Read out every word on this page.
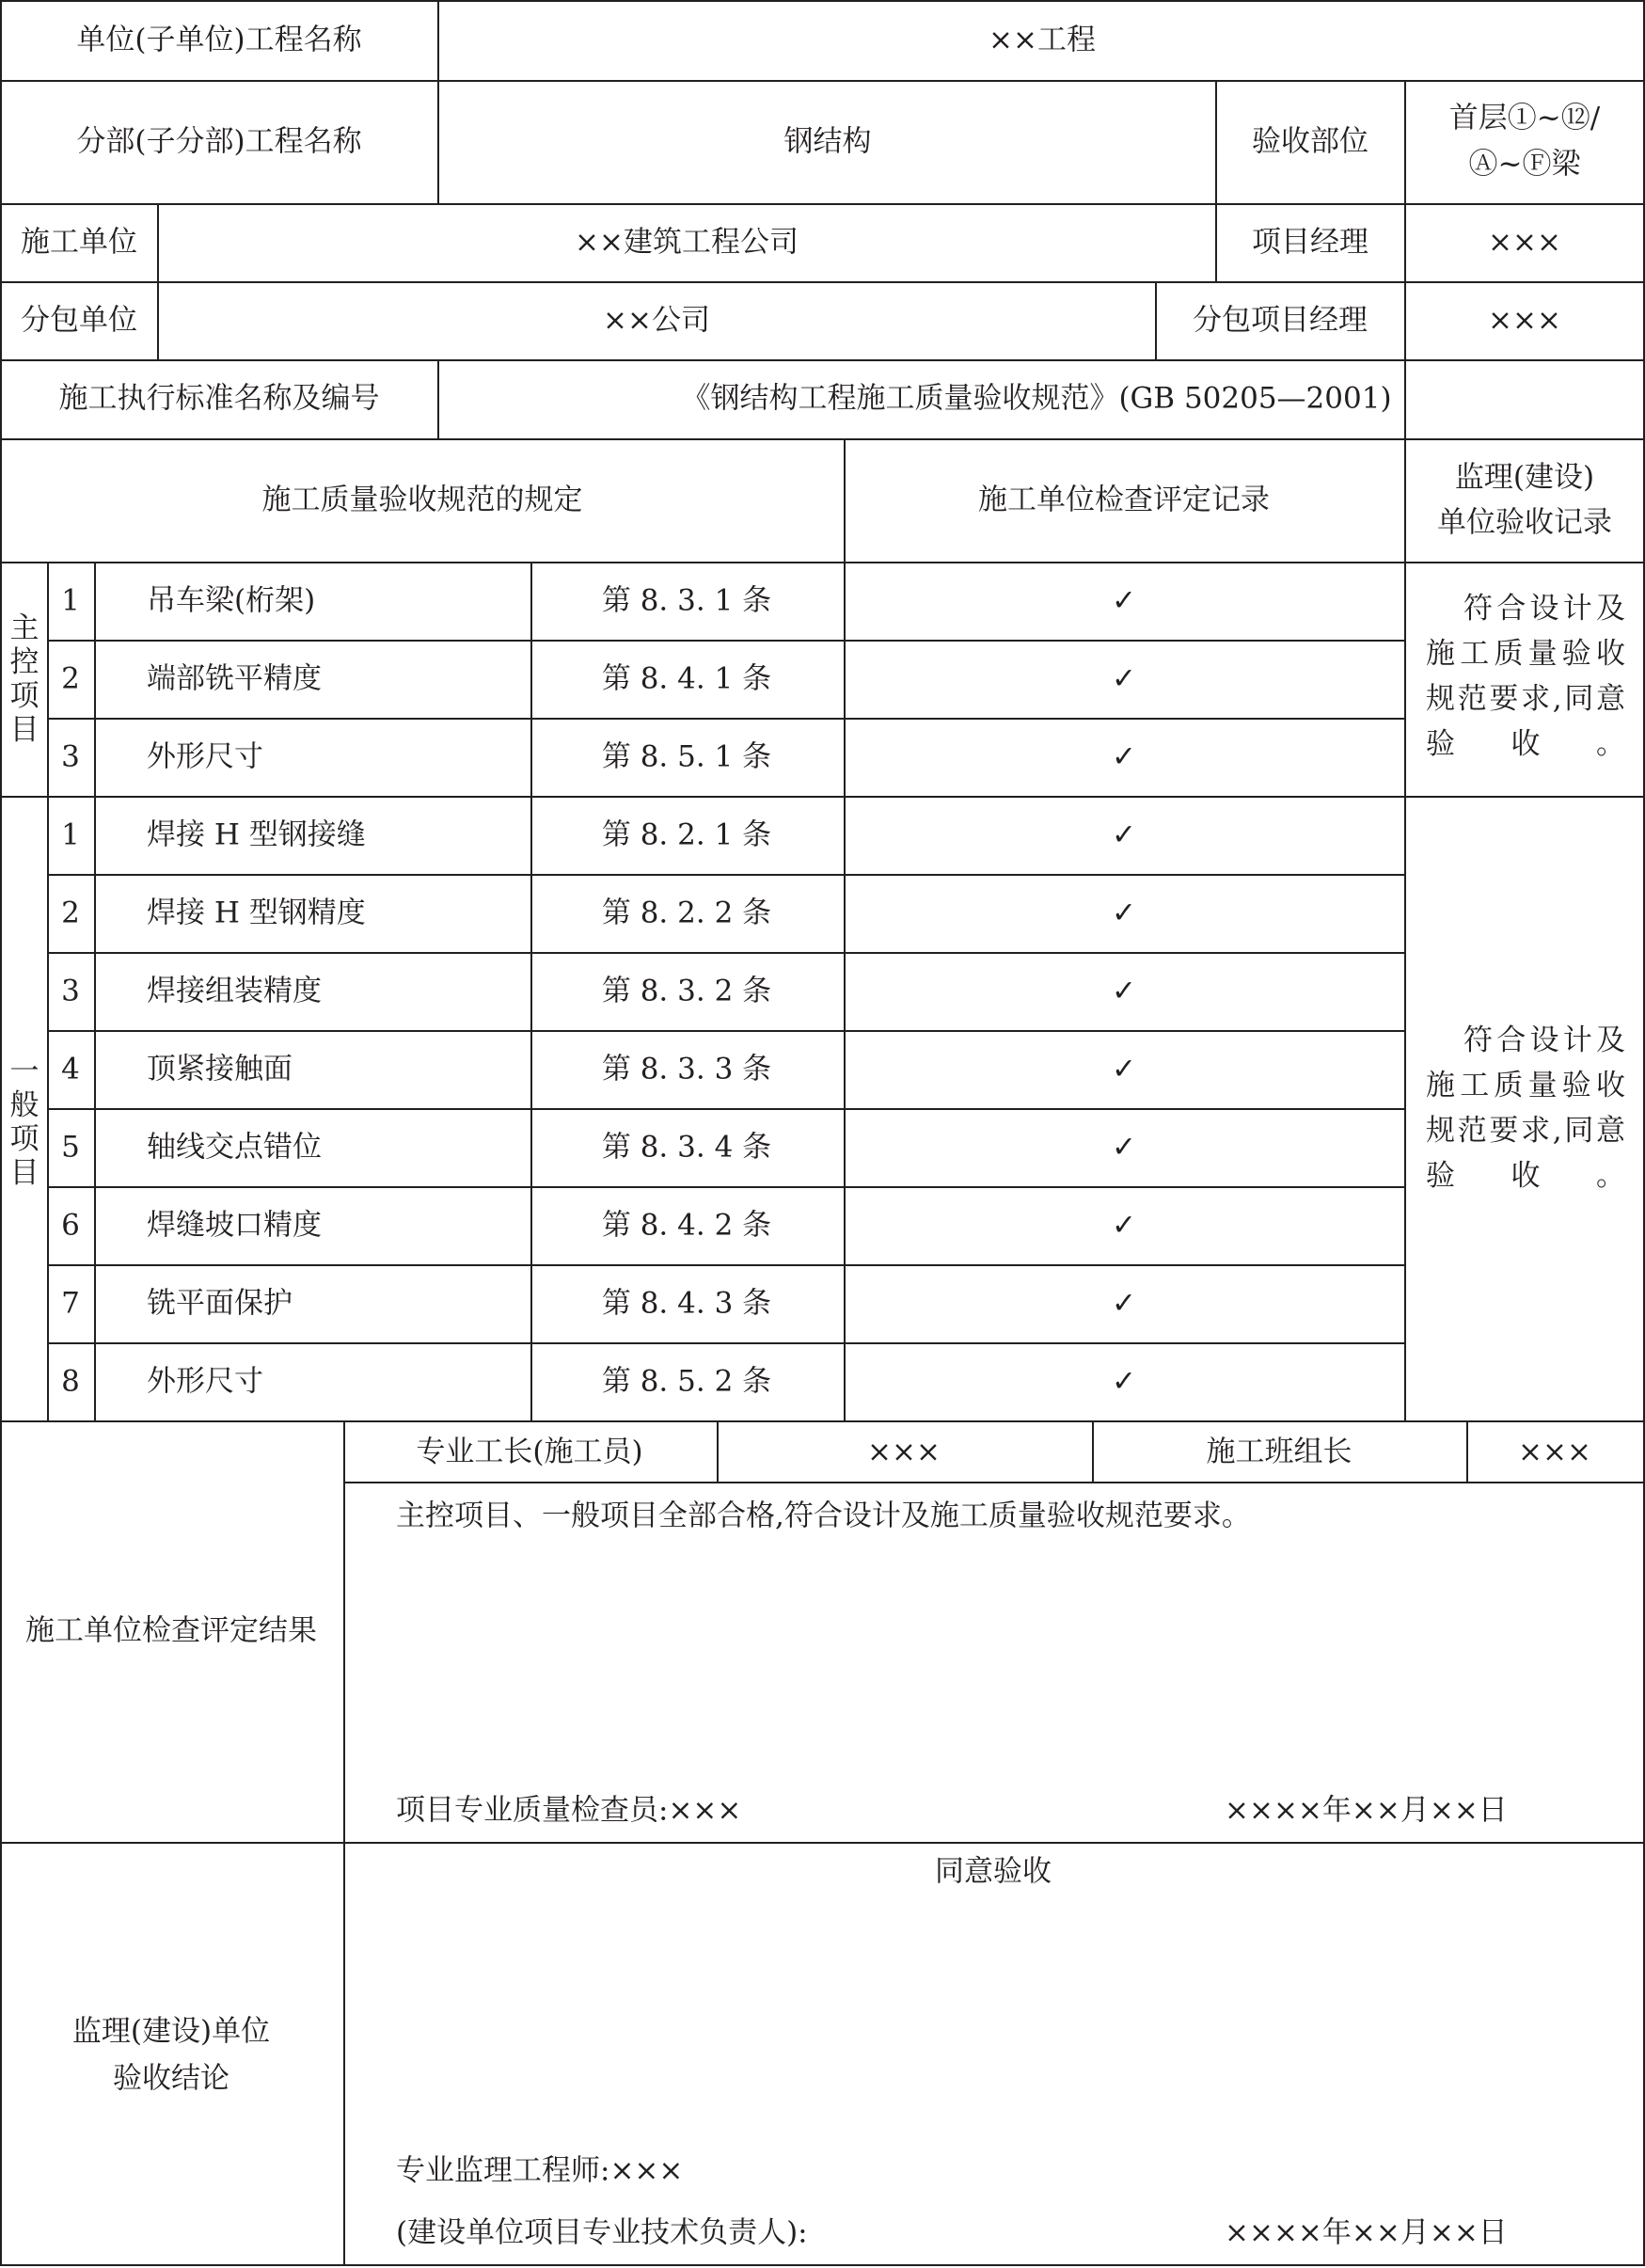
单位(子单位)工程名称	××工程
分部(子分部)工程名称	钢结构	验收部位
首层①~⑫/
Ⓐ~Ⓕ梁
施工单位	××建筑工程公司	项目经理	×××
分包单位	××公司	分包项目经理	×××
施工执行标准名称及编号	《钢结构工程施工质量验收规范》(GB 50205—2001)
施工质量验收规范的规定	施工单位检查评定记录
监理(建设)
单位验收记录
主控项目
1 吊车梁(桁架)	第 8. 3. 1 条	✓
2 端部铣平精度	第 8. 4. 1 条	✓
3 外形尺寸	第 8. 5. 1 条	✓
符合设计及施工质量验收规范要求,同意验收。
一般项目
1 焊接 H 型钢接缝	第 8. 2. 1 条	✓
2 焊接 H 型钢精度	第 8. 2. 2 条	✓
3 焊接组装精度	第 8. 3. 2 条	✓
4 顶紧接触面	第 8. 3. 3 条	✓
5 轴线交点错位	第 8. 3. 4 条	✓
6 焊缝坡口精度	第 8. 4. 2 条	✓
7 铣平面保护	第 8. 4. 3 条	✓
8 外形尺寸	第 8. 5. 2 条	✓
符合设计及施工质量验收规范要求,同意验收。
施工单位检查评定结果
专业工长(施工员)	×××	施工班组长	×××
主控项目、一般项目全部合格,符合设计及施工质量验收规范要求。
项目专业质量检查员:×××	××××年××月××日
监理(建设)单位
验收结论
同意验收
专业监理工程师:×××
(建设单位项目专业技术负责人):	××××年××月××日
